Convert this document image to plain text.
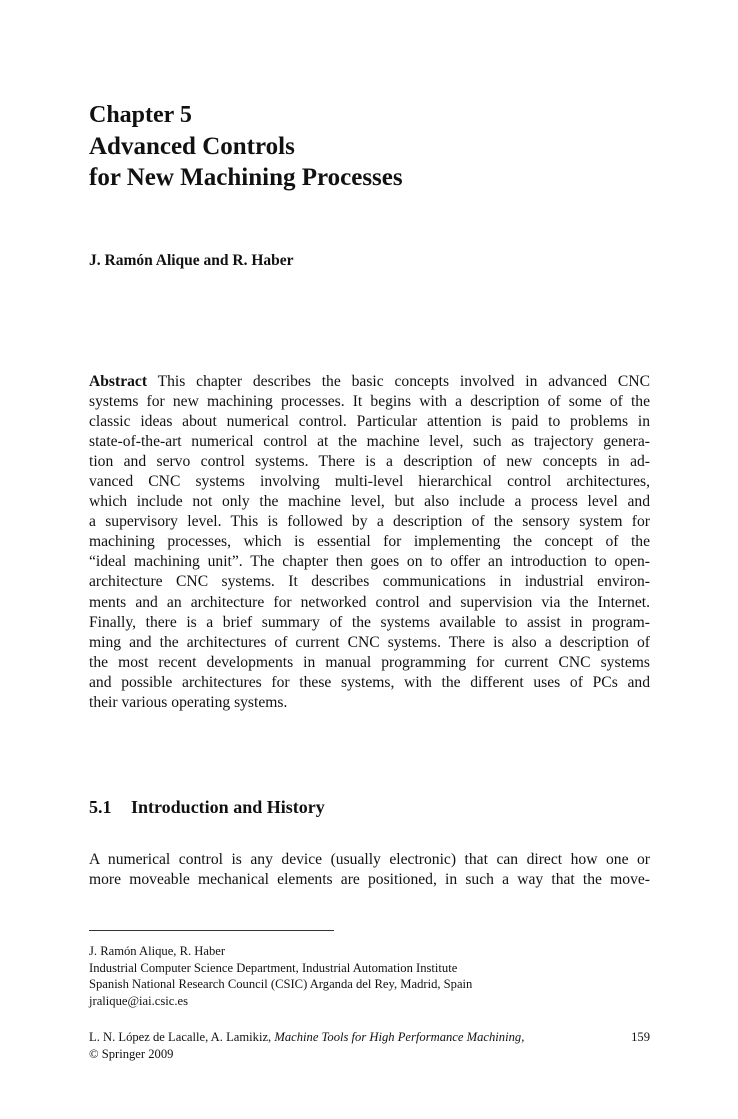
Chapter 5
Advanced Controls
for New Machining Processes

J. Ramón Alique and R. Haber

Abstract This chapter describes the basic concepts involved in advanced CNC
systems for new machining processes. It begins with a description of some of the
classic ideas about numerical control. Particular attention is paid to problems in
state-of-the-art numerical control at the machine level, such as trajectory genera-
tion and servo control systems. There is a description of new concepts in ad-
vanced CNC systems involving multi-level hierarchical control architectures,
which include not only the machine level, but also include a process level and
a supervisory level. This is followed by a description of the sensory system for
machining processes, which is essential for implementing the concept of the
“ideal machining unit”. The chapter then goes on to offer an introduction to open-
architecture CNC systems. It describes communications in industrial environ-
ments and an architecture for networked control and supervision via the Internet.
Finally, there is a brief summary of the systems available to assist in program-
ming and the architectures of current CNC systems. There is also a description of
the most recent developments in manual programming for current CNC systems
and possible architectures for these systems, with the different uses of PCs and
their various operating systems.
5.1 Introduction and History
A numerical control is any device (usually electronic) that can direct how one or
more moveable mechanical elements are positioned, in such a way that the move-
J. Ramón Alique, R. Haber
Industrial Computer Science Department, Industrial Automation Institute
Spanish National Research Council (CSIC) Arganda del Rey, Madrid, Spain
jralique@iai.csic.es
L. N. López de Lacalle, A. Lamikiz, Machine Tools for High Performance Machining,
© Springer 2009
159
